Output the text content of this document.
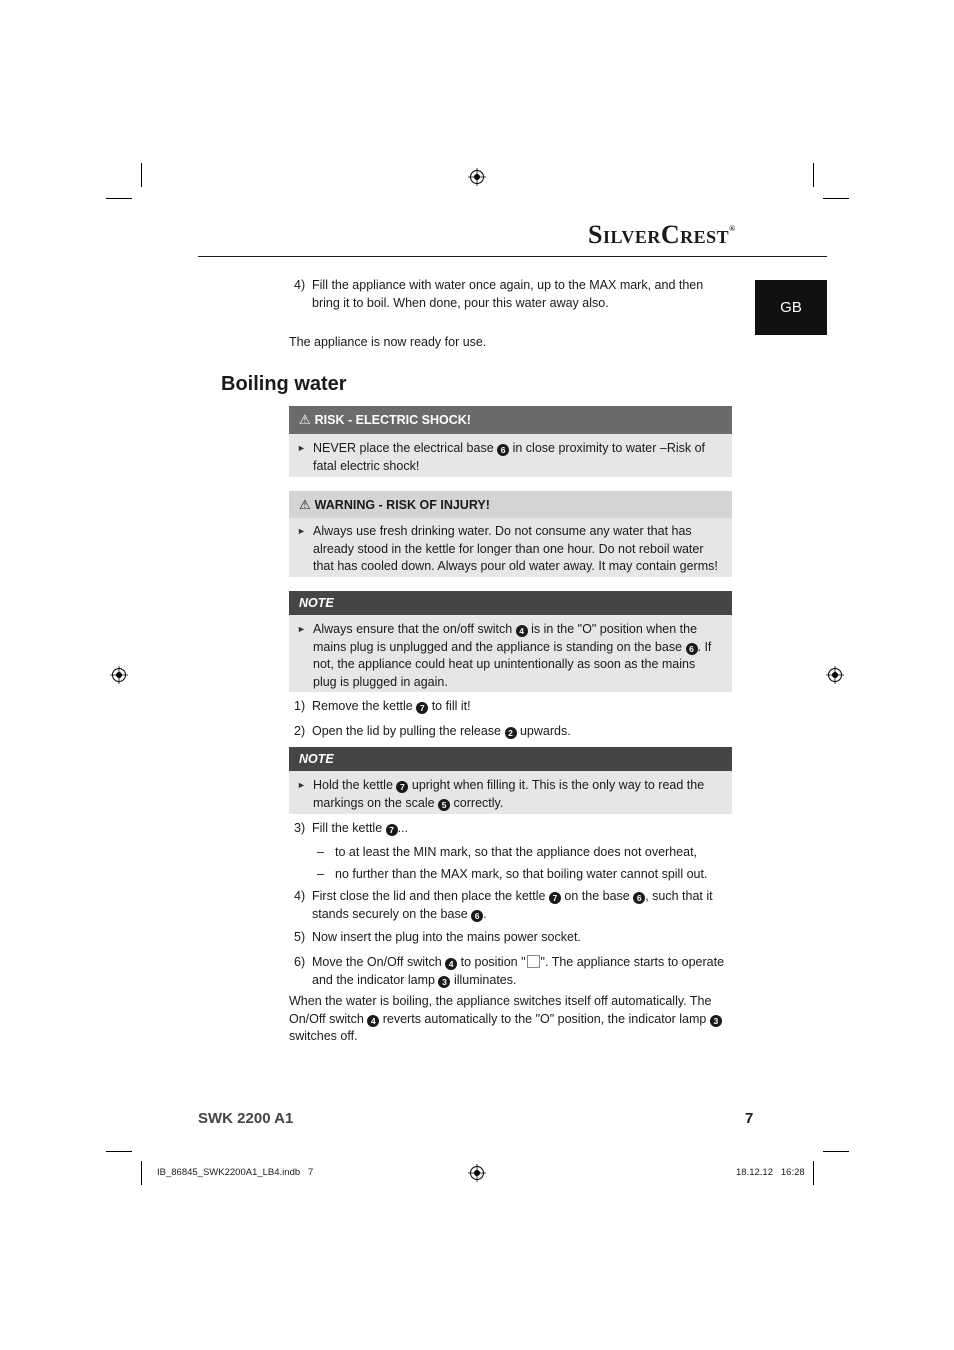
SilverCrest®
GB
4) Fill the appliance with water once again, up to the MAX mark, and then bring it to boil. When done, pour this water away also.
The appliance is now ready for use.
Boiling water
⚠ RISK - ELECTRIC SHOCK!
► NEVER place the electrical base 6 in close proximity to water –Risk of fatal electric shock!
⚠ WARNING - RISK OF INJURY!
► Always use fresh drinking water. Do not consume any water that has already stood in the kettle for longer than one hour. Do not reboil water that has cooled down. Always pour old water away. It may contain germs!
NOTE
► Always ensure that the on/off switch 4 is in the "O" position when the mains plug is unplugged and the appliance is standing on the base 6 . If not, the appliance could heat up unintentionally as soon as the mains plug is plugged in again.
1) Remove the kettle 7 to fill it!
2) Open the lid by pulling the release 2 upwards.
NOTE
► Hold the kettle 7 upright when filling it. This is the only way to read the markings on the scale 5 correctly.
3) Fill the kettle 7 ...
– to at least the MIN mark, so that the appliance does not overheat,
– no further than the MAX mark, so that boiling water cannot spill out.
4) First close the lid and then place the kettle 7 on the base 6 , such that it stands securely on the base 6 .
5) Now insert the plug into the mains power socket.
6) Move the On/Off switch 4 to position " ". The appliance starts to operate and the indicator lamp 3 illuminates.
When the water is boiling, the appliance switches itself off automatically. The On/Off switch 4 reverts automatically to the "O" position, the indicator lamp 3 switches off.
SWK 2200 A1	7
IB_86845_SWK2200A1_LB4.indb   7	18.12.12   16:28
